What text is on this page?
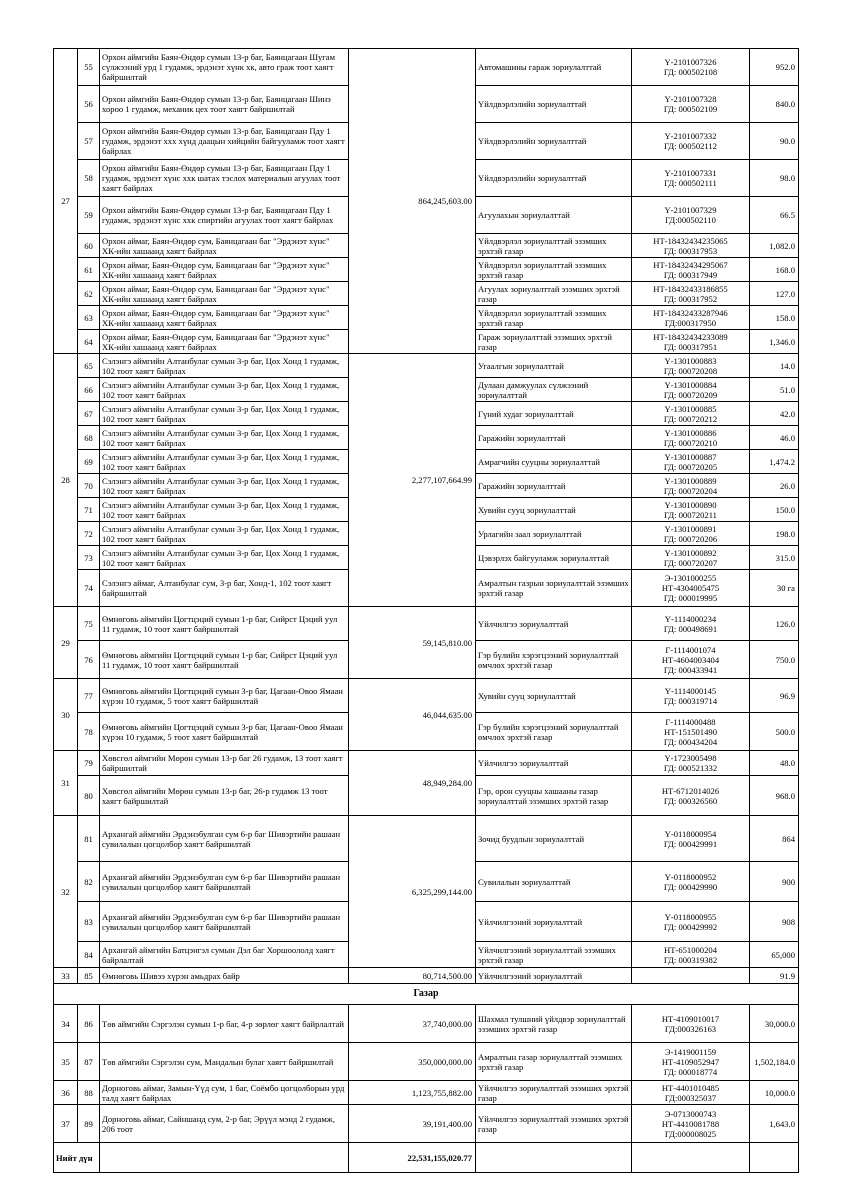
27	55	Орхон аймгийн Баян-Өндөр сумын 13-р баг, Баянцагаан Шугам сүлжээний урд 1 гудамж, эрдэнэт хүнк хк, авто граж тоот хаягт байршилтай	864,245,603.00	Автомашины гараж зориулалттай	Ү-2101007326
ГД: 000502108	952.0
	56	Орхон аймгийн Баян-Өндөр сумын 13-р баг, Баянцагаан Шинэ хороо 1 гудамж, механик цех тоот хаягт байршилтай		Үйлдвэрлэлийн зориулалттай	Ү-2101007328
ГД: 000502109	840.0
	57	Орхон аймгийн Баян-Өндөр сумын 13-р баг, Баянцагаан Пду 1 гудамж, эрдэнэт ххх хүнд даацын хийцийн байгууламж тоот хаягт байрлах		Үйлдвэрлэлийн зориулалттай	Ү-2101007332
ГД: 000502112	90.0
	58	Орхон аймгийн Баян-Өндөр сумын 13-р баг, Баянцагаан Пду 1 гудамж, эрдэнэт хүнс ххк шатах тэслох материалын агуулах тоот хаягт байрлах		Үйлдвэрлэлийн зориулалттай	Ү-2101007331
ГД: 000502111	98.0
	59	Орхон аймгийн Баян-Өндөр сумын 13-р баг, Баянцагаан Пду 1 гудамж, эрдэнэт хүнс ххк спиртийн агуулах тоот хаягт байрлах		Агуулахын зориулалттай	Ү-2101007329
ГД:000502110	66.5
	60	Орхон аймаг, Баян-Өндөр сум, Баянцагаан баг "Эрдэнэт хүнс" ХК-ийн хашаанд хаягт байрлах		Үйлдвэрлэл зориулалттай эзэмших эрхтэй газар	НТ-18432434235065
ГД: 000317953	1,082.0
	61	Орхон аймаг, Баян-Өндөр сум, Баянцагаан баг "Эрдэнэт хүнс" ХК-ийн хашаанд хаягт байрлах		Үйлдвэрлэл зориулалттай эзэмших эрхтэй газар	НТ-18432434295067
ГД: 000317949	168.0
	62	Орхон аймаг, Баян-Өндөр сум, Баянцагаан баг "Эрдэнэт хүнс" ХК-ийн хашаанд хаягт байрлах		Агуулах зориулалттай эзэмших эрхтэй газар	НТ-18432433186855
ГД: 000317952	127.0
	63	Орхон аймаг, Баян-Өндөр сум, Баянцагаан баг "Эрдэнэт хүнс" ХК-ийн хашаанд хаягт байрлах		Үйлдвэрлэл зориулалттай эзэмших эрхтэй газар	НТ-18432433287946
ГД:000317950	158.0
	64	Орхон аймаг, Баян-Өндөр сум, Баянцагаан баг "Эрдэнэт хүнс" ХК-ийн хашаанд хаягт байрлах		Гараж зориулалттай эзэмших эрхтэй газар	НТ-18432434233089
ГД: 000317951	1,346.0
28	65	Сэлэнгэ аймгийн Алтанбулаг сумын 3-р баг, Цөх Хонд 1 гудамж, 102 тоот хаягт байрлах	2,277,107,664.99	Угаалгын зориулалттай	Ү-1301000883
ГД: 000720208	14.0
	66	Сэлэнгэ аймгийн Алтанбулаг сумын 3-р баг, Цөх Хонд 1 гудамж, 102 тоот хаягт байрлах		Дулаан дамжуулах сүлжээний зориулалттай	Ү-1301000884
ГД: 000720209	51.0
	67	Сэлэнгэ аймгийн Алтанбулаг сумын 3-р баг, Цөх Хонд 1 гудамж, 102 тоот хаягт байрлах		Гүний худаг зориулалттай	Ү-1301000885
ГД: 000720212	42.0
	68	Сэлэнгэ аймгийн Алтанбулаг сумын 3-р баг, Цөх Хонд 1 гудамж, 102 тоот хаягт байрлах		Гаражийн зориулалттай	Ү-1301000886
ГД: 000720210	46.0
	69	Сэлэнгэ аймгийн Алтанбулаг сумын 3-р баг, Цөх Хонд 1 гудамж, 102 тоот хаягт байрлах		Амрагчийн сууцны зориулалттай	Ү-1301000887
ГД: 000720205	1,474.2
	70	Сэлэнгэ аймгийн Алтанбулаг сумын 3-р баг, Цөх Хонд 1 гудамж, 102 тоот хаягт байрлах		Гаражийн зориулалттай	Ү-1301000889
ГД: 000720204	26.0
	71	Сэлэнгэ аймгийн Алтанбулаг сумын 3-р баг, Цөх Хонд 1 гудамж, 102 тоот хаягт байрлах		Хувийн сууц зориулалттай	Ү-1301000890
ГД: 000720211	150.0
	72	Сэлэнгэ аймгийн Алтанбулаг сумын 3-р баг, Цөх Хонд 1 гудамж, 102 тоот хаягт байрлах		Урлагийн заал зориулалттай	Ү-1301000891
ГД: 000720206	198.0
	73	Сэлэнгэ аймгийн Алтанбулаг сумын 3-р баг, Цөх Хонд 1 гудамж, 102 тоот хаягт байрлах		Цэвэрлэх байгууламж зориулалттай	Ү-1301000892
ГД: 000720207	315.0
	74	Сэлэнгэ аймаг, Алтанбулаг сум, 3-р баг, Хонд-1, 102 тоот хаягт байршилтай		Амралтын газрын зориулалттай эзэмших эрхтэй газар	Э-1301000255
НТ-4304005475
ГД: 000019995	30 га
29	75	Өмнөговь аймгийн Цогтцэций сумын 1-р баг, Сийрст Цэций уул 11 гудамж, 10 тоот хаягт байршилтай	59,145,810.00	Үйлчилгээ зориулалттай	Ү-1114000234
ГД: 000498691	126.0
	76	Өмнөговь аймгийн Цогтцэций сумын 1-р баг, Сийрст Цэций уул 11 гудамж, 10 тоот хаягт байршилтай		Гэр бүлийн хэрэгцээний зориулалттай өмчлөх эрхтэй газар	Г-1114001074
НТ-4604003404
ГД: 000433941	750.0
30	77	Өмнөговь аймгийн Цогтцэций сумын 3-р баг, Цагаан-Овоо Ямаан хүрэн 10 гудамж, 5 тоот хаягт байршилтай	46,044,635.00	Хувийн сууц зориулалттай	Ү-1114000145
ГД: 000319714	96.9
	78	Өмнөговь аймгийн Цогтцэций сумын 3-р баг, Цагаан-Овоо Ямаан хүрэн 10 гудамж, 5 тоот хаягт байршилтай		Гэр бүлийн хэрэгцээний зориулалттай өмчлөх эрхтэй газар	Г-1114000488
НТ-151501490
ГД: 000434204	500.0
31	79	Хөвсгөл аймгийн Мөрөн сумын 13-р баг 26 гудамж, 13 тоот хаягт байршилтай	48,949,284.00	Үйлчилгээ зориулалттай	Ү-1723005498
ГД: 000521332	48.0
	80	Хөвсгөл аймгийн Мөрөн сумын 13-р баг, 26-р гудамж 13 тоот хаягт байршилтай		Гэр, орон сууцны хашааны газар зориулалттай эзэмших эрхтэй газар	НТ-6712014026
ГД: 000326560	968.0
32	81	Архангай аймгийн Эрдэнэбулган сум 6-р баг Шивэртийн рашаан сувилалын цогцолбор хаягт байршилтай	6,325,299,144.00	Зочид буудлын зориулалттай	Ү-0118000954
ГД: 000429991	864
	82	Архангай аймгийн Эрдэнэбулган сум 6-р баг Шивэртийн рашаан сувилалын цогцолбор хаягт байршилтай		Сувилалын зориулалттай	Ү-0118000952
ГД: 000429990	900
	83	Архангай аймгийн Эрдэнэбулган сум 6-р баг Шивэртийн рашаан сувилалын цогцолбор хаягт байршилтай		Үйлчилгээний зориулалттай	Ү-0118000955
ГД: 000429992	908
	84	Архангай аймгийн Батцэнгэл сумын Дэл баг Хоршоололд хаягт байрлалтай		Үйлчилгээний зориулалттай эзэмших эрхтэй газар	НТ-651000204
ГД: 000319382	65,000
33	85	Өмнөговь Шивээ хүрэн амьдрах байр	80,714,500.00	Үйлчилгээний зориулалттай		91.9
Газар						
34	86	Төв аймгийн Сэргэлэн сумын 1-р баг, 4-р зөрлөг хаягт байрлалтай	37,740,000.00	Шахмал тулшний үйлдвэр зориулалттай эзэмших эрхтэй газар	НТ-4109010017
ГД:000326163	30,000.0
35	87	Төв аймгийн Сэргэлэн сум, Мандалын булаг хаягт байршилтай	350,000,000.00	Амралтын газар зориулалттай эзэмших эрхтэй газар	Э-1419001159
НТ-4109052947
ГД: 000018774	1,502,184.0
36	88	Дорноговь аймаг, Замын-Үүд сум, 1 баг, Соёмбо цогцолборын урд талд хаягт байрлах	1,123,755,882.00	Үйлчилгээ зориулалттай эзэмших эрхтэй газар	НТ-4401010485
ГД:000325037	10,000.0
37	89	Дорноговь аймаг, Сайншанд сум, 2-р баг, Эрүүл мэнд 2 гудамж, 206 тоот	39,191,400.00	Үйлчилгээ зориулалттай эзэмших эрхтэй газар	Э-0713000743
НТ-4410081788
ГД:000008025	1,643.0
Нийт дүн			22,531,155,020.77			
